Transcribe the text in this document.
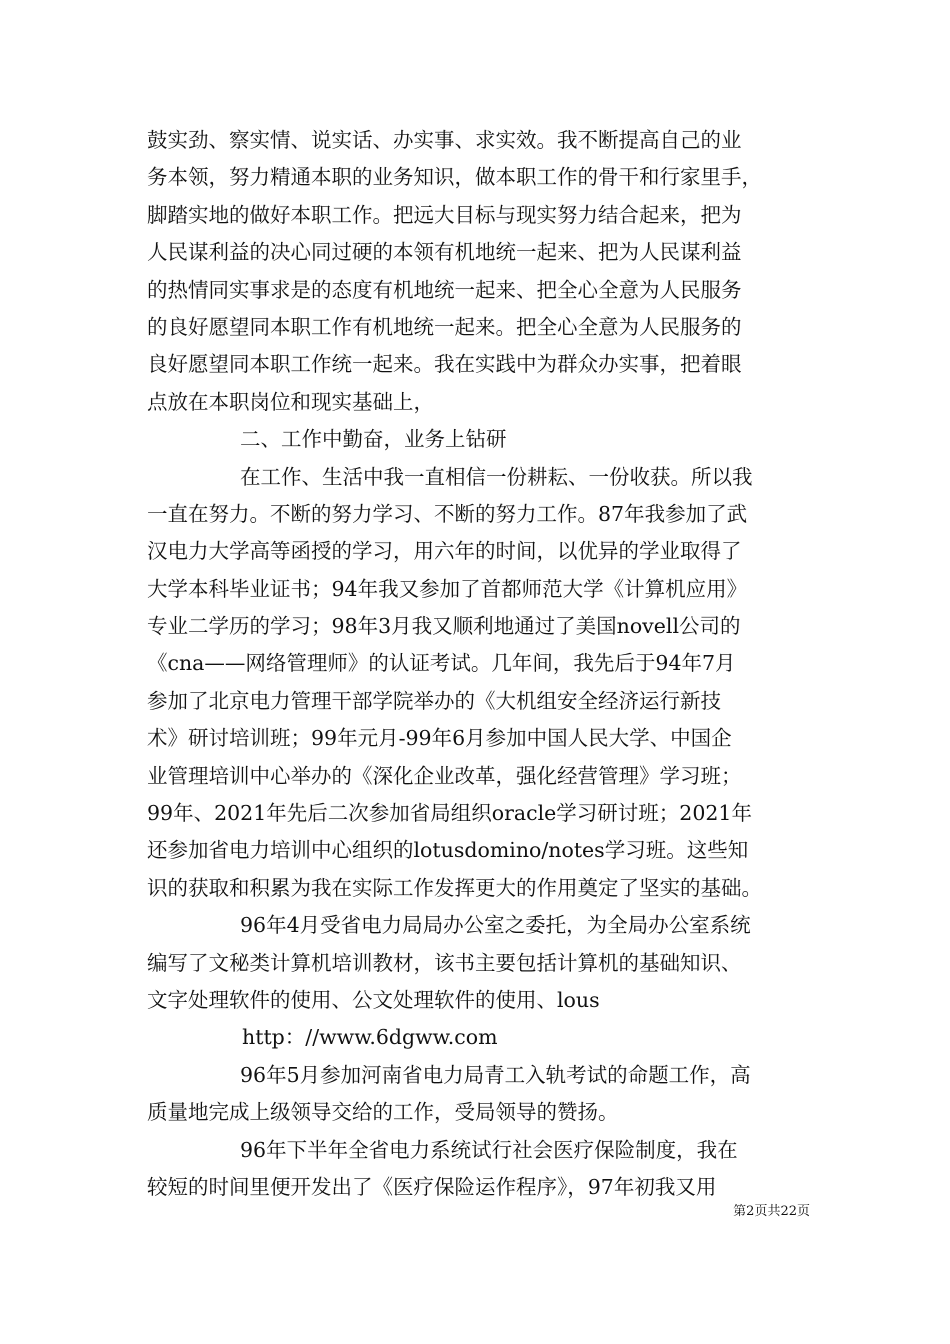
鼓实劲、察实情、说实话、办实事、求实效。我不断提高自己的业
务本领，努力精通本职的业务知识，做本职工作的骨干和行家里手，
脚踏实地的做好本职工作。把远大目标与现实努力结合起来，把为
人民谋利益的决心同过硬的本领有机地统一起来、把为人民谋利益
的热情同实事求是的态度有机地统一起来、把全心全意为人民服务
的良好愿望同本职工作有机地统一起来。把全心全意为人民服务的
良好愿望同本职工作统一起来。我在实践中为群众办实事，把着眼
点放在本职岗位和现实基础上，
二、工作中勤奋，业务上钻研
在工作、生活中我一直相信一份耕耘、一份收获。所以我
一直在努力。不断的努力学习、不断的努力工作。87年我参加了武
汉电力大学高等函授的学习，用六年的时间，以优异的学业取得了
大学本科毕业证书；94年我又参加了首都师范大学《计算机应用》
专业二学历的学习；98年3月我又顺利地通过了美国novell公司的
《cna——网络管理师》的认证考试。几年间，我先后于94年7月
参加了北京电力管理干部学院举办的《大机组安全经济运行新技
术》研讨培训班；99年元月-99年6月参加中国人民大学、中国企
业管理培训中心举办的《深化企业改革，强化经营管理》学习班；
99年、2021年先后二次参加省局组织oracle学习研讨班；2021年
还参加省电力培训中心组织的lotusdomino/notes学习班。这些知
识的获取和积累为我在实际工作发挥更大的作用奠定了坚实的基础。
96年4月受省电力局局办公室之委托，为全局办公室系统
编写了文秘类计算机培训教材，该书主要包括计算机的基础知识、
文字处理软件的使用、公文处理软件的使用、lous
http：//www.6dgww.com
96年5月参加河南省电力局青工入轨考试的命题工作，高
质量地完成上级领导交给的工作，受局领导的赞扬。
96年下半年全省电力系统试行社会医疗保险制度，我在
较短的时间里便开发出了《医疗保险运作程序》，97年初我又用
第2页共22页
